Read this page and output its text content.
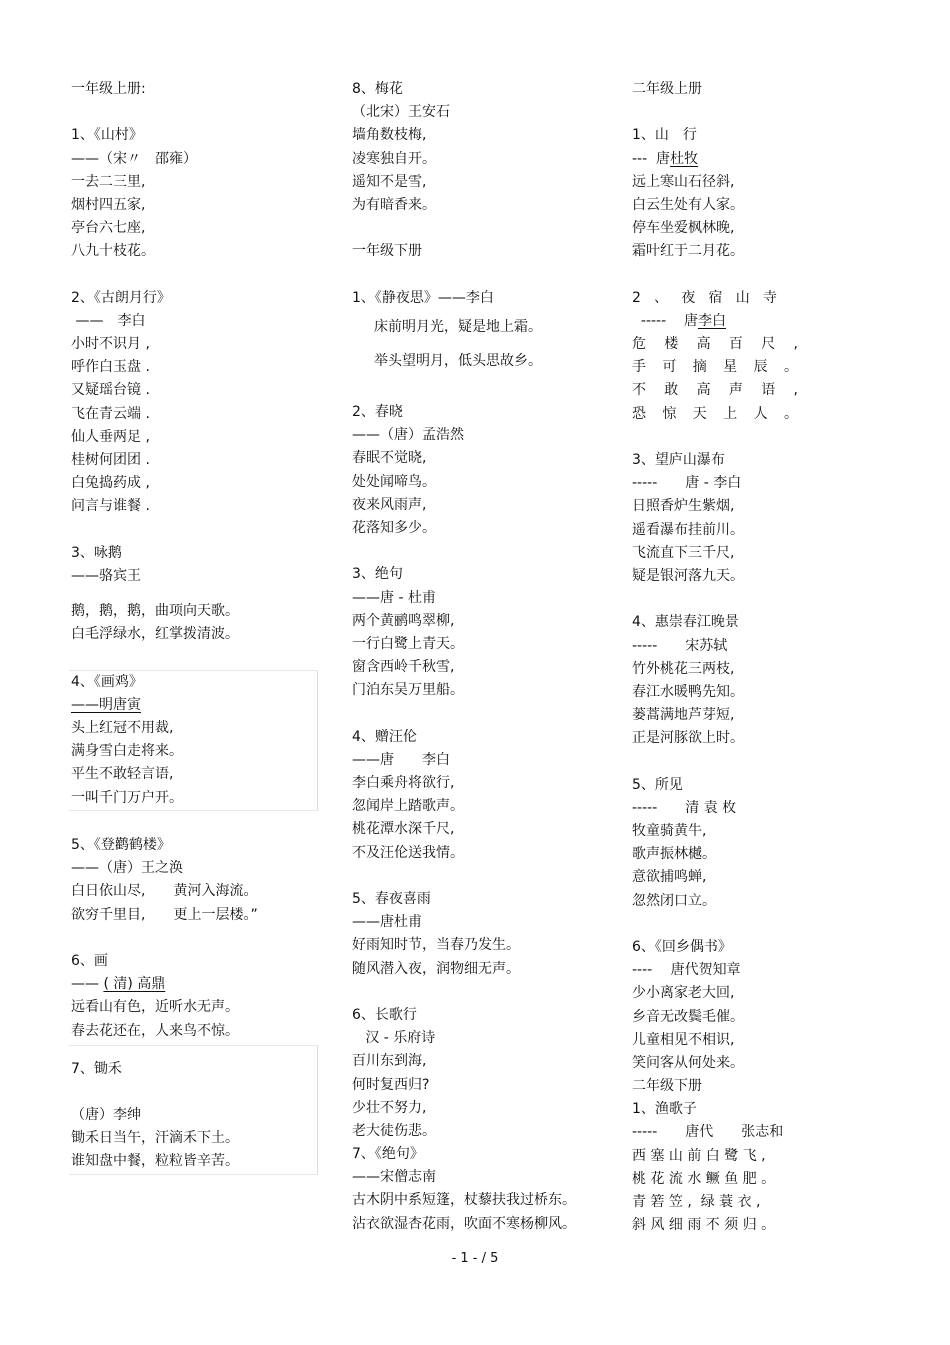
一年级上册:
1、《山村》
——（宋〃　邵雍）
一去二三里,
烟村四五家,
亭台六七座,
八九十枝花。
2、《古朗月行》
——　李白
小时不识月 ,
呼作白玉盘 .
又疑瑶台镜 .
飞在青云端 .
仙人垂两足 ,
桂树何团团 .
白兔捣药成 ,
问言与谁餐 .
3、咏鹅
——骆宾王
鹅，鹅，鹅，曲项向天歌。
白毛浮绿水，红掌拨清波。
4、《画鸡》
——明唐寅
头上红冠不用裁,
满身雪白走将来。
平生不敢轻言语,
一叫千门万户开。
5、《登鹳鹤楼》
——（唐）王之涣
白日依山尽,　　黄河入海流。
欲穷千里目,　　更上一层楼。”
6、画
—— ( 清) 高鼎
远看山有色，近听水无声。
春去花还在，人来鸟不惊。
7、锄禾
（唐）李绅
锄禾日当午，汗滴禾下土。
谁知盘中餐，粒粒皆辛苦。
8、梅花
（北宋）王安石
墙角数枝梅,
凌寒独自开。
遥知不是雪,
为有暗香来。
一年级下册
1、《静夜思》——李白
床前明月光，疑是地上霜。
举头望明月，低头思故乡。
2、春晓
——（唐）孟浩然
春眠不觉晓,
处处闻啼鸟。
夜来风雨声,
花落知多少。
3、绝句
——唐 - 杜甫
两个黄鹂鸣翠柳,
一行白鹭上青天。
窗含西岭千秋雪,
门泊东吴万里船。
4、赠汪伦
——唐　　李白
李白乘舟将欲行,
忽闻岸上踏歌声。
桃花潭水深千尺,
不及汪伦送我情。
5、春夜喜雨
——唐杜甫
好雨知时节，当春乃发生。
随风潜入夜，润物细无声。
6、长歌行
汉 - 乐府诗
百川东到海,
何时复西归?
少壮不努力,
老大徒伤悲。
7、《绝句》
——宋僧志南
古木阴中系短篷，杖藜扶我过桥东。
沾衣欲湿杏花雨，吹面不寒杨柳风。
二年级上册
1、山　行
---  唐杜牧
远上寒山石径斜,
白云生处有人家。
停车坐爱枫林晚,
霜叶红于二月花。
2 、 夜 宿 山 寺
-----    唐李白
危 楼 高 百 尺 ,
手 可 摘 星 辰 。
不 敢 高 声 语 ,
恐 惊 天 上 人 。
3、望庐山瀑布
-----　　唐 - 李白
日照香炉生紫烟,
遥看瀑布挂前川。
飞流直下三千尺,
疑是银河落九天。
4、惠崇春江晚景
-----　　宋苏轼
竹外桃花三两枝,
春江水暖鸭先知。
蒌蒿满地芦芽短,
正是河豚欲上时。
5、所见
-----　　清 袁 枚
牧童骑黄牛,
歌声振林樾。
意欲捕鸣蝉,
忽然闭口立。
6、《回乡偶书》
----　 唐代贺知章
少小离家老大回,
乡音无改鬓毛催。
儿童相见不相识,
笑问客从何处来。
二年级下册
1、渔歌子
-----　　唐代　　张志和
西 塞 山 前 白 鹭 飞 ,
桃 花 流 水 鳜 鱼 肥 。
青 箬 笠 ,  绿 蓑 衣 ,
斜 风 细 雨 不 须 归 。
- 1 - / 5
